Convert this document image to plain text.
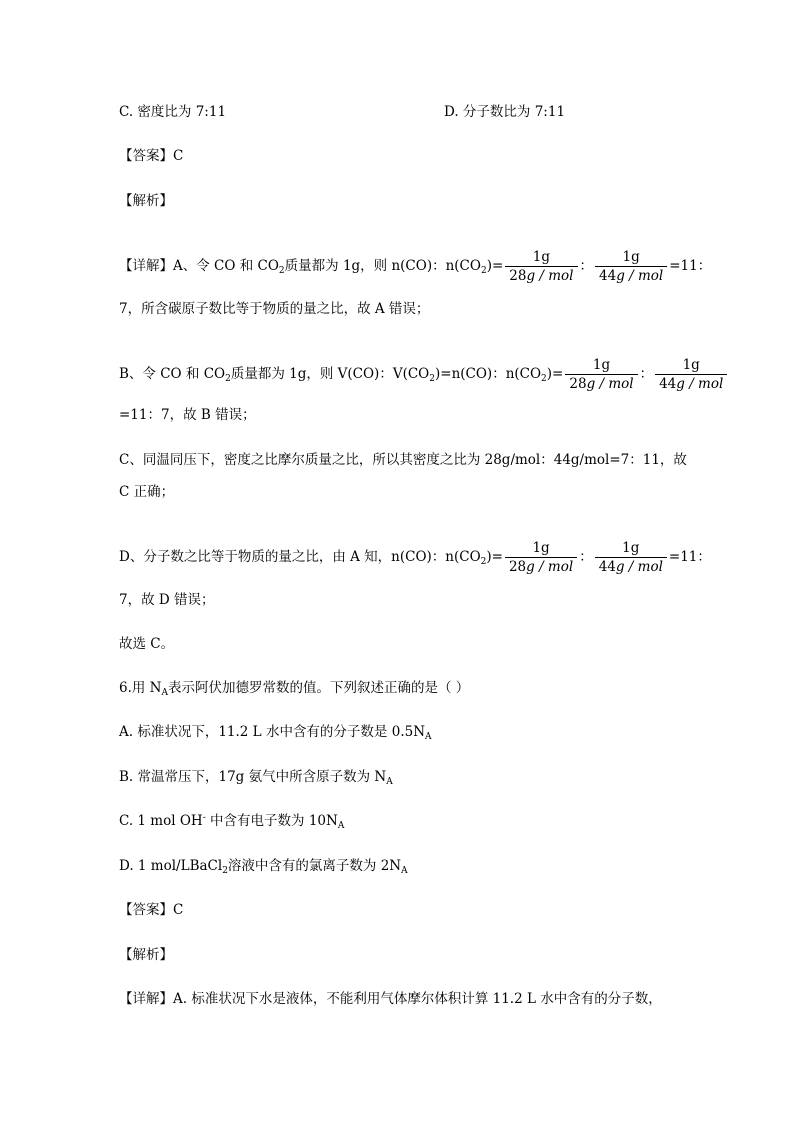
C. 密度比为 7:11	D. 分子数比为 7:11
【答案】C
【解析】
【详解】A、令 CO 和 $CO_2$质量都为 1g，则 n(CO)：$n(CO_2)= \frac{1g}{\text{28g / mol}}$ ： $\frac{1g}{\text{44g / mol}} =11$：
7，所含碳原子数比等于物质的量之比，故 A 错误；
B、令 CO 和 $CO_2$质量都为 1g，则 V(CO)：$V(CO_2)=n(CO)$：$n(CO_2)= \frac{1g}{\text{28g / mol}}$ ： $\frac{1g}{\text{44g / mol}}$
=11：7，故 B 错误；
C、同温同压下，密度之比摩尔质量之比，所以其密度之比为 28g/mol：44g/mol=7：11，故
C 正确；
D、分子数之比等于物质的量之比，由 A 知，n(CO)：$n(CO_2)= \frac{1g}{\text{28g / mol}}$ ： $\frac{1g}{\text{44g / mol}} =11$：
7，故 D 错误；
故选 C。
6.用 $N_A$表示阿伏加德罗常数的值。下列叙述正确的是（ ）
A. 标准状况下，11.2 L 水中含有的分子数是 $0.5N_A$
B. 常温常压下，17g 氨气中所含原子数为 $N_A$
C. 1 mol OH- 中含有电子数为 $10N_A$
D. 1 mol/LBaCl$_2$溶液中含有的氯离子数为 $2N_A$
【答案】C
【解析】
【详解】A. 标准状况下水是液体，不能利用气体摩尔体积计算 11.2 L 水中含有的分子数，
